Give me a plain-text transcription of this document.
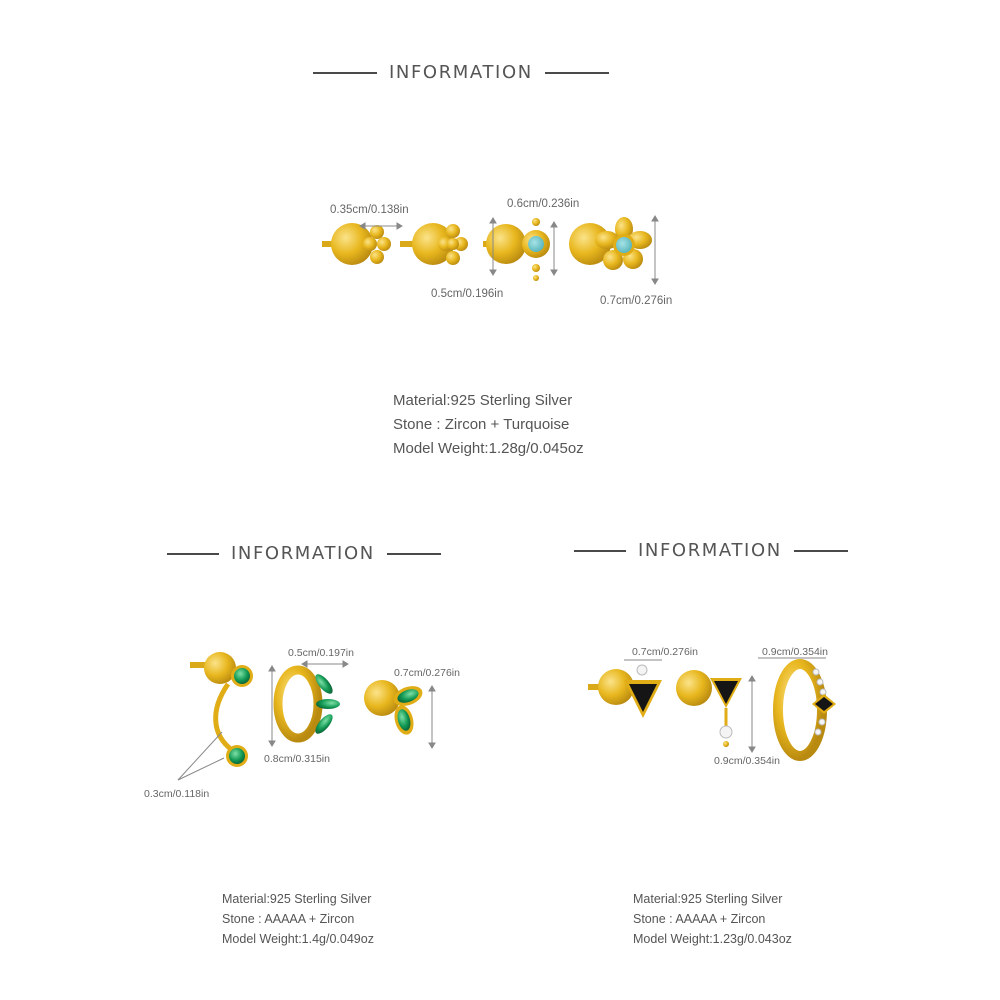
INFORMATION
0.35cm/0.138in	0.6cm/0.236in
0.5cm/0.196in
0.7cm/0.276in
Material:925 Sterling Silver
Stone : Zircon + Turquoise
Model Weight:1.28g/0.045oz
INFORMATION
0.5cm/0.197in
0.7cm/0.276in
0.8cm/0.315in
0.3cm/0.118in
Material:925 Sterling Silver
Stone : AAAAA + Zircon
Model Weight:1.4g/0.049oz
INFORMATION
0.7cm/0.276in	0.9cm/0.354in
0.9cm/0.354in
Material:925 Sterling Silver
Stone : AAAAA + Zircon
Model Weight:1.23g/0.043oz
